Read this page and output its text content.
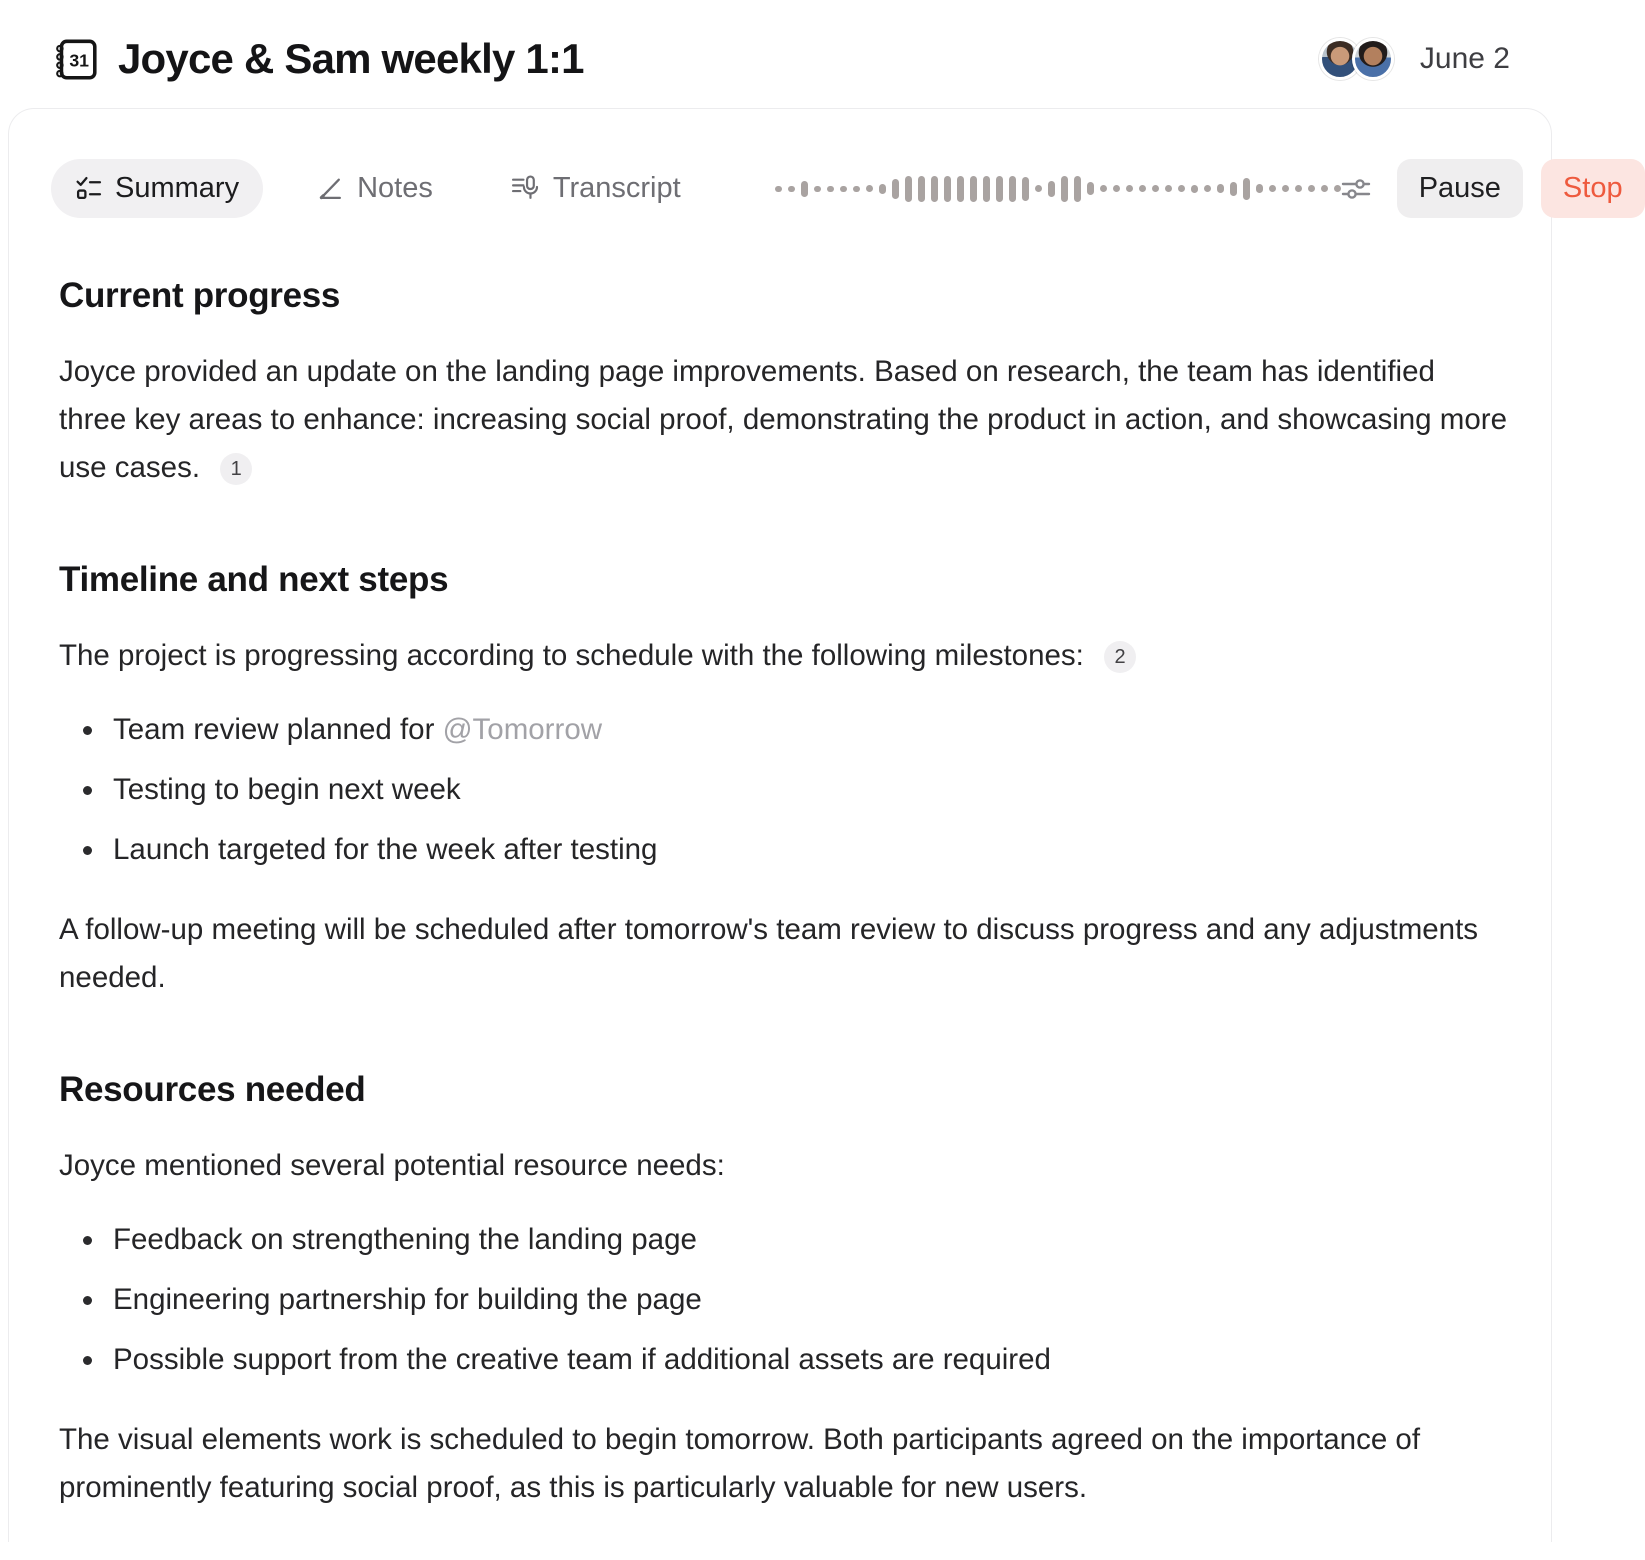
31 Joyce & Sam weekly 1:1	June 2
Summary	Notes	Transcript	Pause	Stop
Current progress

Joyce provided an update on the landing page improvements. Based on research, the team has identified three key areas to enhance: increasing social proof, demonstrating the product in action, and showcasing more use cases. 1

Timeline and next steps

The project is progressing according to schedule with the following milestones: 2

• Team review planned for @Tomorrow
• Testing to begin next week
• Launch targeted for the week after testing

A follow-up meeting will be scheduled after tomorrow's team review to discuss progress and any adjustments needed.

Resources needed

Joyce mentioned several potential resource needs:

• Feedback on strengthening the landing page
• Engineering partnership for building the page
• Possible support from the creative team if additional assets are required

The visual elements work is scheduled to begin tomorrow. Both participants agreed on the importance of prominently featuring social proof, as this is particularly valuable for new users.
